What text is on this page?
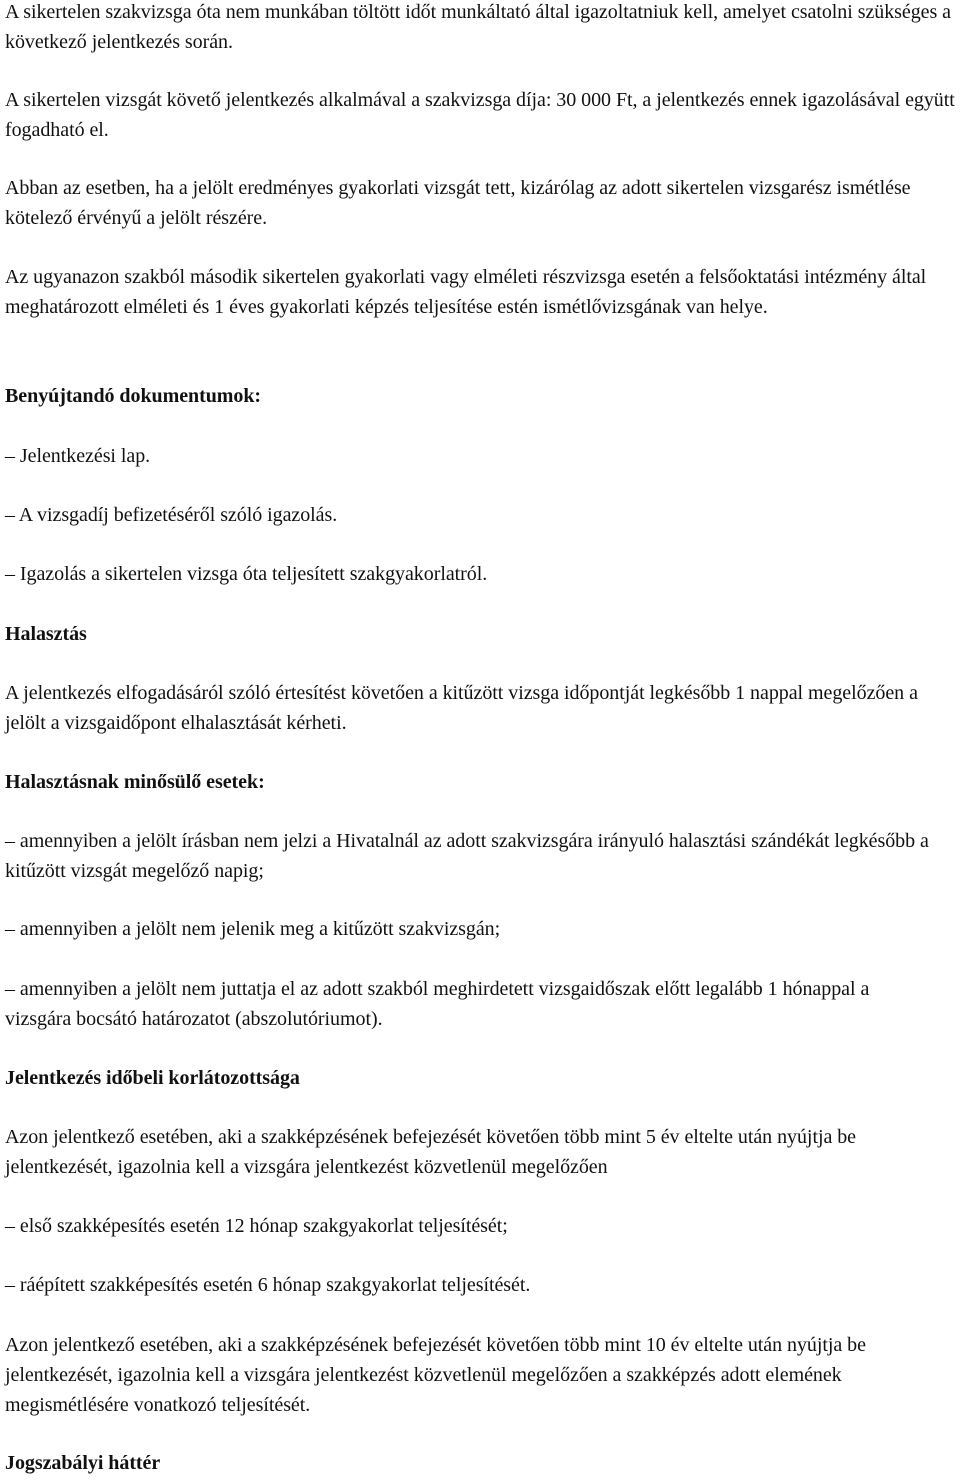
A sikertelen szakvizsga óta nem munkában töltött időt munkáltató által igazoltatniuk kell, amelyet csatolni szükséges a következő jelentkezés során.

A sikertelen vizsgát követő jelentkezés alkalmával a szakvizsga díja: 30 000 Ft, a jelentkezés ennek igazolásával együtt fogadható el.

Abban az esetben, ha a jelölt eredményes gyakorlati vizsgát tett, kizárólag az adott sikertelen vizsgarész ismétlése kötelező érvényű a jelölt részére.

Az ugyanazon szakból második sikertelen gyakorlati vagy elméleti részvizsga esetén a felsőoktatási intézmény által meghatározott elméleti és 1 éves gyakorlati képzés teljesítése estén ismétlővizsgának van helye.

Benyújtandó dokumentumok:

– Jelentkezési lap.

– A vizsgadíj befizetéséről szóló igazolás.

– Igazolás a sikertelen vizsga óta teljesített szakgyakorlatról.

Halasztás

A jelentkezés elfogadásáról szóló értesítést követően a kitűzött vizsga időpontját legkésőbb 1 nappal megelőzően a jelölt a vizsgaidőpont elhalasztását kérheti.

Halasztásnak minősülő esetek:

– amennyiben a jelölt írásban nem jelzi a Hivatalnál az adott szakvizsgára irányuló halasztási szándékát legkésőbb a kitűzött vizsgát megelőző napig;

– amennyiben a jelölt nem jelenik meg a kitűzött szakvizsgán;

– amennyiben a jelölt nem juttatja el az adott szakból meghirdetett vizsgaidőszak előtt legalább 1 hónappal a vizsgára bocsátó határozatot (abszolutóriumot).

Jelentkezés időbeli korlátozottsága

Azon jelentkező esetében, aki a szakképzésének befejezését követően több mint 5 év eltelte után nyújtja be jelentkezését, igazolnia kell a vizsgára jelentkezést közvetlenül megelőzően

– első szakképesítés esetén 12 hónap szakgyakorlat teljesítését;

– ráépített szakképesítés esetén 6 hónap szakgyakorlat teljesítését.

Azon jelentkező esetében, aki a szakképzésének befejezését követően több mint 10 év eltelte után nyújtja be jelentkezését, igazolnia kell a vizsgára jelentkezést közvetlenül megelőzően a szakképzés adott elemének megismétlésére vonatkozó teljesítését.

Jogszabályi háttér
